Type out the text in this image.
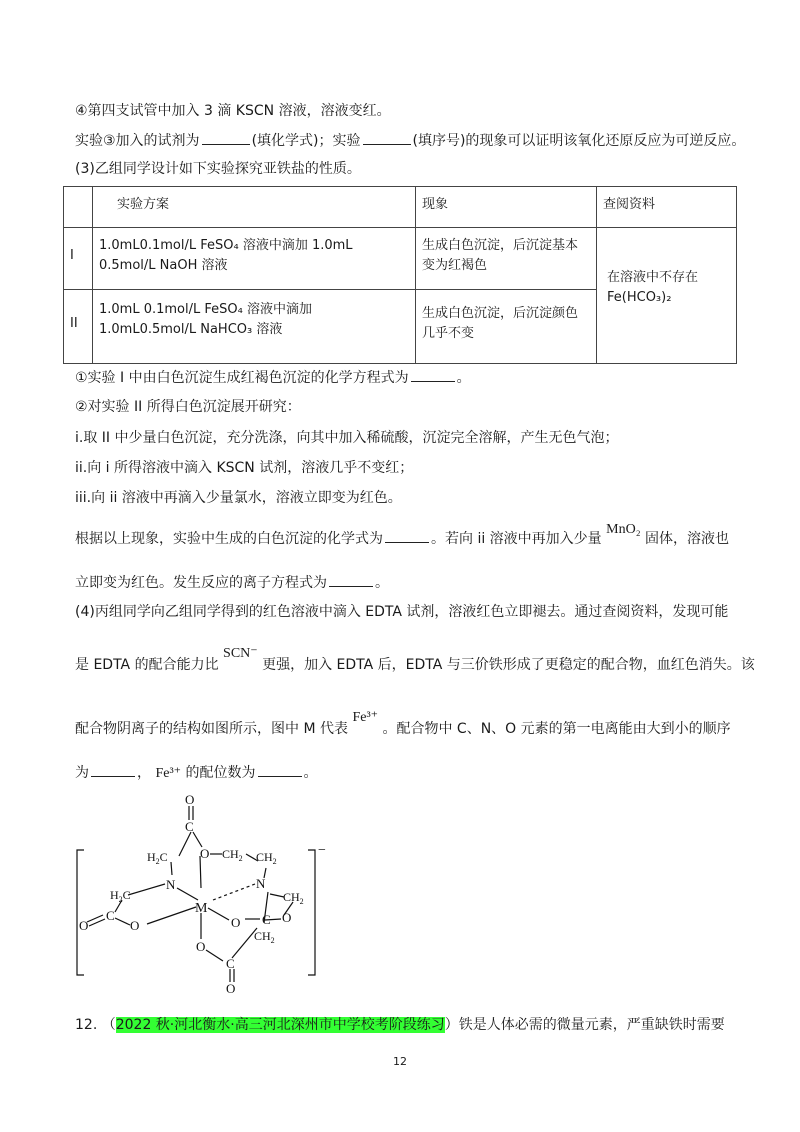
④第四支试管中加入 3 滴 KSCN 溶液，溶液变红。
实验③加入的试剂为	(填化学式)；实验	(填序号)的现象可以证明该氧化还原反应为可逆反应。
(3)乙组同学设计如下实验探究亚铁盐的性质。
	实验方案	现象	查阅资料
I	1.0mL0.1mol/L FeSO₄ 溶液中滴加 1.0mL 0.5mol/L NaOH 溶液	生成白色沉淀，后沉淀基本变为红褐色	在溶液中不存在 Fe(HCO₃)₂
II	1.0mL 0.1mol/L FeSO₄ 溶液中滴加 1.0mL0.5mol/L NaHCO₃ 溶液	生成白色沉淀，后沉淀颜色几乎不变	
①实验 I 中由白色沉淀生成红褐色沉淀的化学方程式为	。
②对实验 II 所得白色沉淀展开研究：
i.取 II 中少量白色沉淀，充分洗涤，向其中加入稀硫酸，沉淀完全溶解，产生无色气泡；
ii.向 i 所得溶液中滴入 KSCN 试剂，溶液几乎不变红；
iii.向 ii 溶液中再滴入少量氯水，溶液立即变为红色。
根据以上现象，实验中生成的白色沉淀的化学式为	。若向 ii 溶液中再加入少量 MnO₂ 固体，溶液也
立即变为红色。发生反应的离子方程式为	。
(4)丙组同学向乙组同学得到的红色溶液中滴入 EDTA 试剂，溶液红色立即褪去。通过查阅资料，发现可能
是 EDTA 的配合能力比 SCN⁻ 更强，加入 EDTA 后，EDTA 与三价铁形成了更稳定的配合物，血红色消失。该
配合物阴离子的结构如图所示，图中 M 代表 Fe³⁺ 。配合物中 C、N、O 元素的第一电离能由大到小的顺序
为	， Fe³⁺ 的配位数为	。
O
C
$H_2C$ O $CH_2$ $CH_2$
N	N
$H_2C$	$CH_2$
M
C
O	O	O C O
$CH_2$
O
C
O
−
12. （2022 秋·河北衡水·高三河北深州市中学校考阶段练习）铁是人体必需的微量元素，严重缺铁时需要
12
